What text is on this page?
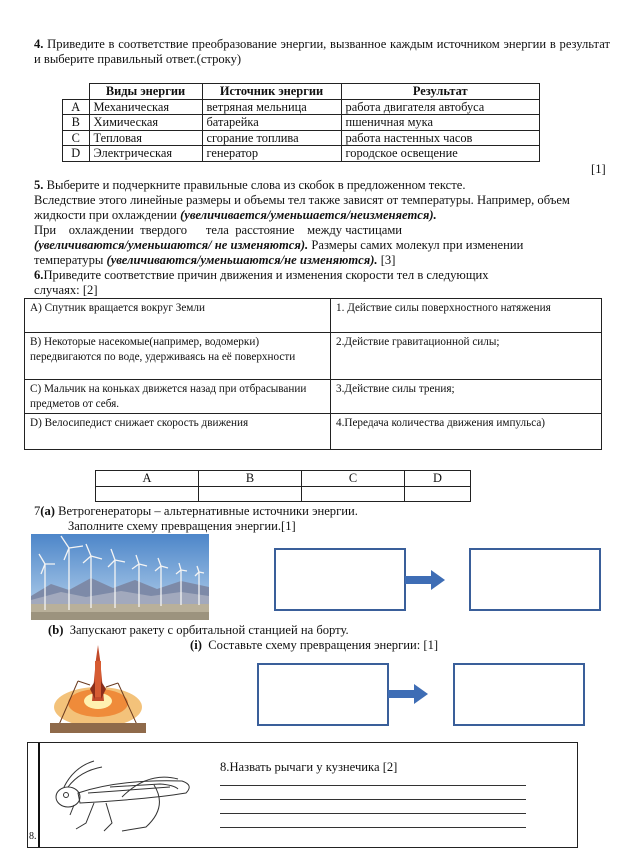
4. Приведите в соответствие преобразование энергии, вызванное каждым источником энергии в результат и выберите правильный ответ.(строку)
	Виды энергии	Источник энергии	Результат
A	Механическая	ветряная мельница	работа двигателя автобуса
B	Химическая	батарейка	пшеничная мука
C	Тепловая	сгорание топлива	работа настенных часов
D	Электрическая	генератор	городское освещение
[1]
5. Выберите и подчеркните правильные слова из скобок в предложенном тексте.
Вследствие этого линейные размеры и объемы тел также зависят от температуры. Например, объем
жидкости при охлаждении (увеличивается/уменьшается/неизменяется).
При    охлаждении  твердого      тела  расстояние    между частицами
(увеличиваются/уменьшаются/ не изменяются). Размеры самих молекул при изменении
температуры (увеличиваются/уменьшаются/не изменяются). [3]
6.Приведите соответствие причин движения и изменения скорости тел в следующих
случаях: [2]
A) Спутник вращается вокруг Земли	1. Действие силы поверхностного натяжения
B) Некоторые насекомые(например, водомерки) передвигаются по воде, удерживаясь на её поверхности	2.Действие гравитационной силы;
C) Мальчик на коньках движется назад при отбрасывании предметов от себя.	3.Действие силы трения;
D) Велосипедист снижает скорость движения	4.Передача количества движения импульса)
A	B	C	D

7(a) Ветрогенераторы – альтернативные источники энергии.
Заполните схему превращения энергии.[1]
(b)  Запускают ракету с орбитальной станцией на борту.
(i)  Составьте схему превращения энергии: [1]
8.
8.Назвать рычаги у кузнечика [2]
